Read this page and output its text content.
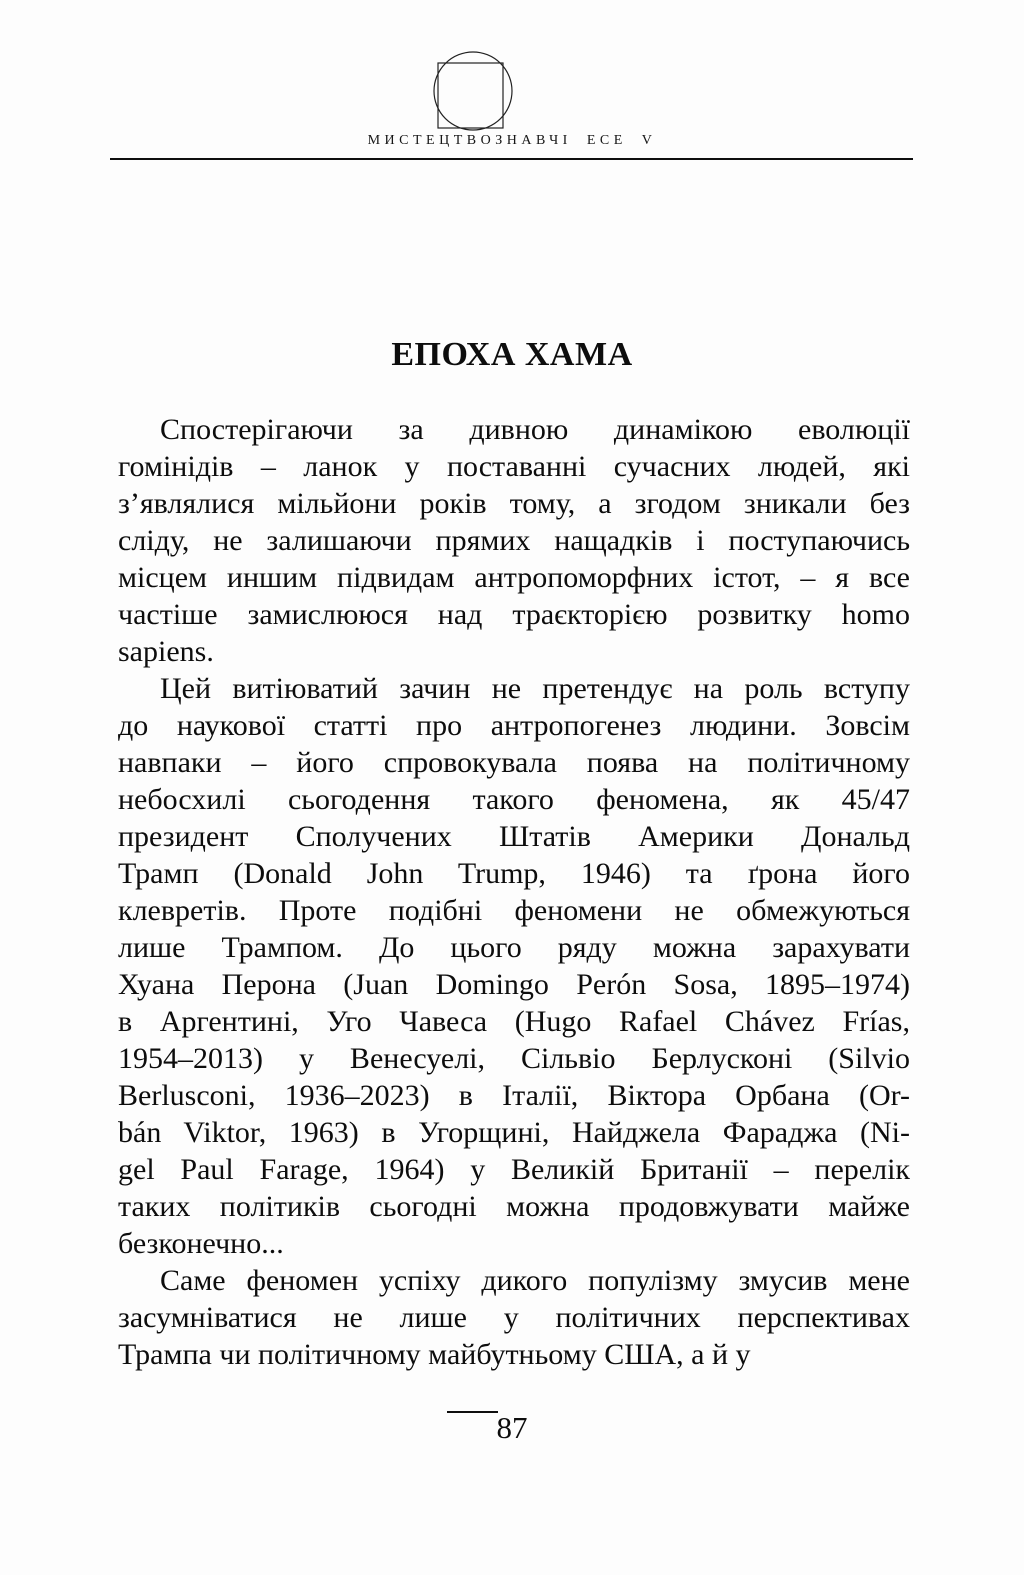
МИСТЕЦТВОЗНАВЧІ ЕСЕ V
ЕПОХА ХАМА
Спостерігаючи за дивною динамікою еволюції
гомінідів – ланок у поставанні сучасних людей, які
з’являлися мільйони років тому, а згодом зникали без
сліду, не залишаючи прямих нащадків і поступаючись
місцем иншим підвидам антропоморфних істот, – я все
частіше замислююся над траєкторією розвитку homo
sapiens.
Цей витіюватий зачин не претендує на роль вступу
до наукової статті про антропогенез людини. Зовсім
навпаки – його спровокувала поява на політичному
небосхилі сьогодення такого феномена, як 45/47
президент Сполучених Штатів Америки Дональд
Трамп (Donald John Trump, 1946) та ґрона його
клевретів. Проте подібні феномени не обмежуються
лише Трампом. До цього ряду можна зарахувати
Хуана Перона (Juan Domingo Perón Sosa, 1895–1974)
в Аргентині, Уго Чавеса (Hugo Rafael Chávez Frías,
1954–2013) у Венесуелі, Сільвіо Берлусконі (Silvio
Berlusconi, 1936–2023) в Італії, Віктора Орбана (Or-
bán Viktor, 1963) в Угорщині, Найджела Фараджа (Ni-
gel Paul Farage, 1964) у Великій Британії – перелік
таких політиків сьогодні можна продовжувати майже
безконечно...
Саме феномен успіху дикого популізму змусив мене
засумніватися не лише у політичних перспективах
Трампа чи політичному майбутньому США, а й у
87
